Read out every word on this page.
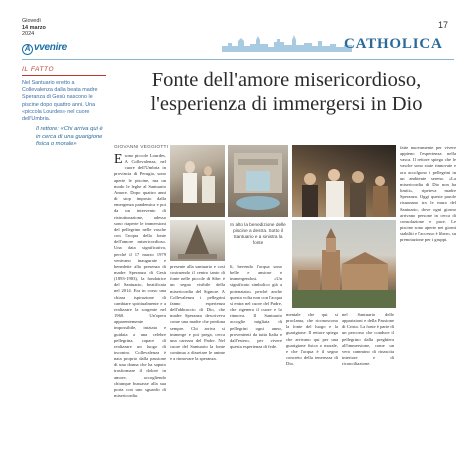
Giovedì
14 marzo
2024
A vvenire
17
CATHOLICA
IL FATTO

Nel Santuario eretto a Collevalenza dalla beata madre Speranza di Gesù nascono le piscine dopo quattro anni. Una «piccola Lourdes» nel cuore dell'Umbria.

Il rettore: «Chi arriva qui è in cerca di una guarigione fisica o morale»

Fonte dell'amore misericordioso,
l'esperienza di immergersi in Dio
GIOVANNI VEGGIOTTI
Esono piccole Lourdes. A Collevalenza, nel cuore dell'Umbria in provincia di Perugia, sono aperte le piscine, ma un modo le leghe al Santuario Amore. Dopo quattro anni di stop imposto dalla emergenza pandemica e poi da un intervento di ristrutturazione, adesso sono riaperte le immersioni del pellegrino nelle vasche con l'acqua della fonte dell'amore misericordioso. Una data significativa, perché il 17 marzo 1979 venivano inaugurate e benedette alla presenza di madre Speranza di Gesù (1893-1983), la fondatrice del Santuario, beatificata nel 2014. Era in corso una chiara ispirazione di cambiare spiritualmente e a realizzare la sorgente nel 1960. Un'opera apparentemente impossibile, iniziata e guidata a una celebre pellegrina, capace di realizzare un luogo di incontro. Collevalenza è nata proprio dalla passione di una donna che ha saputo trasformare il dolore in amore, accogliendo chiunque bussasse alla sua porta con uno sguardo di misericordia.
In alto la benedizione delle piscine a destra. Sotto il Santuario e a sinistra la fonte
presente alla santuario e così costruendo il centro tanto di fonte nelle piccole di Sibe: è un segno visibile della misericordia del Signore. A Collevalenza i pellegrini fanno esperienza dell'abbraccio di Dio, che madre Speranza descriveva come una madre che perdona sempre. Chi arriva si immerge e poi prega, cerca una carezza del Padre. Nel cuore del Santuario la fonte continua a dissetare le anime e a rinnovare la speranza.
lì, bevendo l'acqua sono belle e ansiose e immergendosi. «Un significato simbolico già a potenziato» perché anche questa volta non con l'acqua si entra nel cuore del Padre, che rigenera il cuore e lo rinnova. Il Santuario accoglie migliaia di pellegrini ogni anno, provenienti da tutta Italia e dall'estero, per vivere questa esperienza di fede.
mentale che qui si proclama, che riconoscono la fonte del luogo e la guarigione. Il rettore spiega che arrivano qui per una guarigione fisica o morale, e che l'acqua è il segno concreto della tenerezza di Dio.
nel Santuario delle apparizioni e della Passione di Cristo. La fonte è parte di un percorso che conduce il pellegrino dalla preghiera all'immersione, come un vero cammino di rinascita interiore e di riconciliazione.
fatte nuovamente per vivere appieno l'esperienza nella vasca. Il rettore spiega che le vasche sono state rinnovate e ora accolgono i pellegrini in un ambiente sereno. «La misericordia di Dio non ha limiti», ripeteva madre Speranza. Oggi queste parole risuonano tra le mura del Santuario, dove ogni giorno arrivano persone in cerca di consolazione e pace. Le piscine sono aperte nei giorni stabiliti e l'accesso è libero, su prenotazione per i gruppi.
